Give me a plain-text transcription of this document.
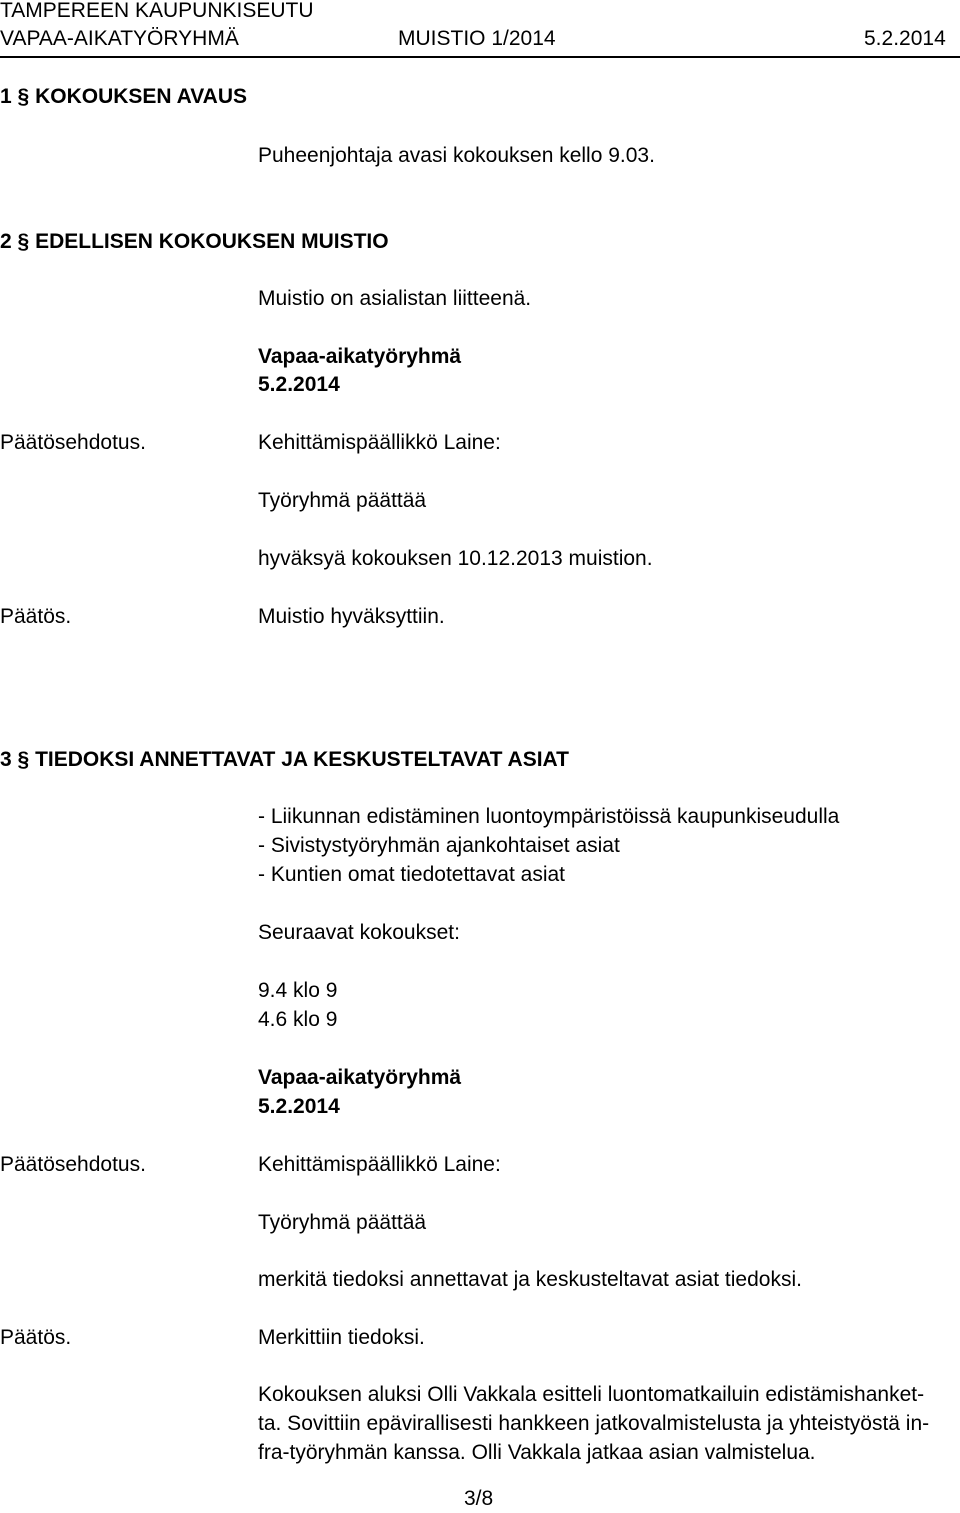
TAMPEREEN KAUPUNKISEUTU
VAPAA-AIKATYÖRYHMÄ	MUISTIO 1/2014	5.2.2014
1 § KOKOUKSEN AVAUS
Puheenjohtaja avasi kokouksen kello 9.03.
2 § EDELLISEN KOKOUKSEN MUISTIO
Muistio on asialistan liitteenä.
Vapaa-aikatyöryhmä
5.2.2014
Päätösehdotus.	Kehittämispäällikkö Laine:
Työryhmä päättää
hyväksyä kokouksen 10.12.2013 muistion.
Päätös.	Muistio hyväksyttiin.
3 § TIEDOKSI ANNETTAVAT JA KESKUSTELTAVAT ASIAT
- Liikunnan edistäminen luontoympäristöissä kaupunkiseudulla
- Sivistystyöryhmän ajankohtaiset asiat
- Kuntien omat tiedotettavat asiat
Seuraavat kokoukset:
9.4 klo 9
4.6 klo 9
Vapaa-aikatyöryhmä
5.2.2014
Päätösehdotus.	Kehittämispäällikkö Laine:
Työryhmä päättää
merkitä tiedoksi annettavat ja keskusteltavat asiat tiedoksi.
Päätös.	Merkittiin tiedoksi.
Kokouksen aluksi Olli Vakkala esitteli luontomatkailuin edistämishanket-
ta. Sovittiin epävirallisesti hankkeen jatkovalmistelusta ja yhteistyöstä in-
fra-työryhmän kanssa. Olli Vakkala jatkaa asian valmistelua.
3/8
